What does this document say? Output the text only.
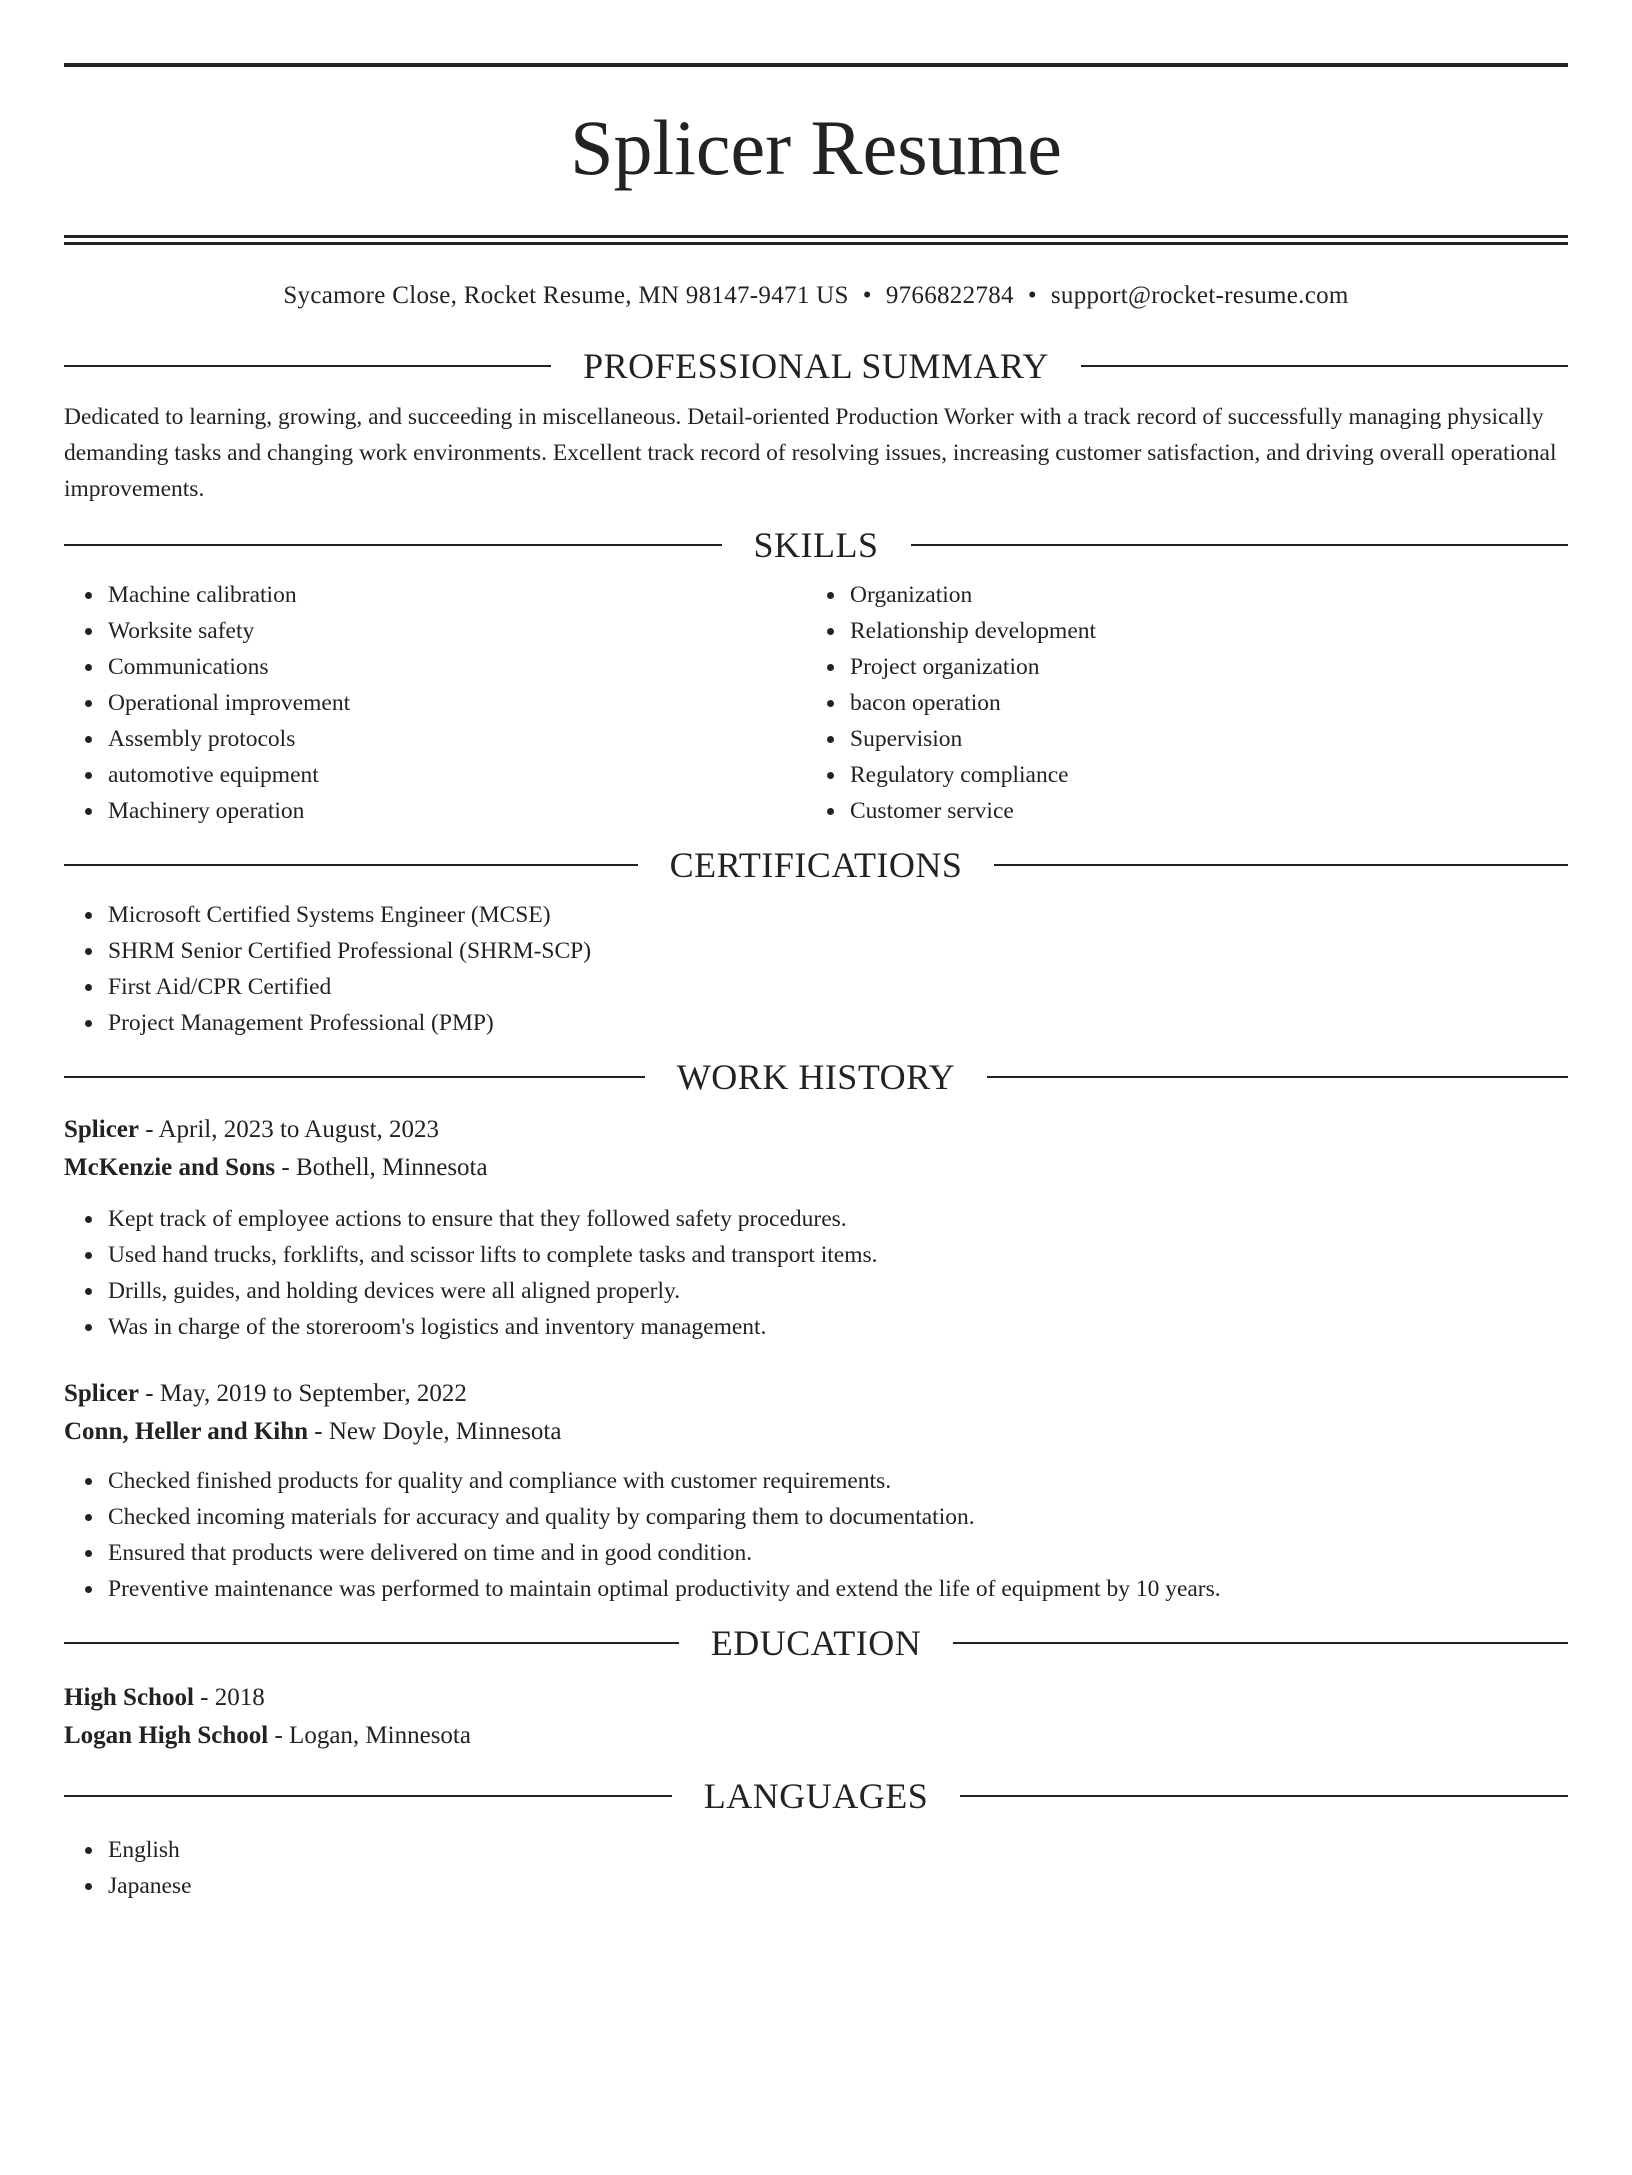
Splicer Resume
Sycamore Close, Rocket Resume, MN 98147-9471 US • 9766822784 • support@rocket-resume.com
PROFESSIONAL SUMMARY

Dedicated to learning, growing, and succeeding in miscellaneous. Detail-oriented Production Worker with a track record of successfully managing physically demanding tasks and changing work environments. Excellent track record of resolving issues, increasing customer satisfaction, and driving overall operational improvements.

SKILLS
Machine calibration
Worksite safety
Communications
Operational improvement
Assembly protocols
automotive equipment
Machinery operation
Organization
Relationship development
Project organization
bacon operation
Supervision
Regulatory compliance
Customer service
CERTIFICATIONS
Microsoft Certified Systems Engineer (MCSE)
SHRM Senior Certified Professional (SHRM-SCP)
First Aid/CPR Certified
Project Management Professional (PMP)
WORK HISTORY
Splicer - April, 2023 to August, 2023
McKenzie and Sons - Bothell, Minnesota
Kept track of employee actions to ensure that they followed safety procedures.
Used hand trucks, forklifts, and scissor lifts to complete tasks and transport items.
Drills, guides, and holding devices were all aligned properly.
Was in charge of the storeroom's logistics and inventory management.
Splicer - May, 2019 to September, 2022
Conn, Heller and Kihn - New Doyle, Minnesota
Checked finished products for quality and compliance with customer requirements.
Checked incoming materials for accuracy and quality by comparing them to documentation.
Ensured that products were delivered on time and in good condition.
Preventive maintenance was performed to maintain optimal productivity and extend the life of equipment by 10 years.
EDUCATION
High School - 2018
Logan High School - Logan, Minnesota
LANGUAGES
English
Japanese
